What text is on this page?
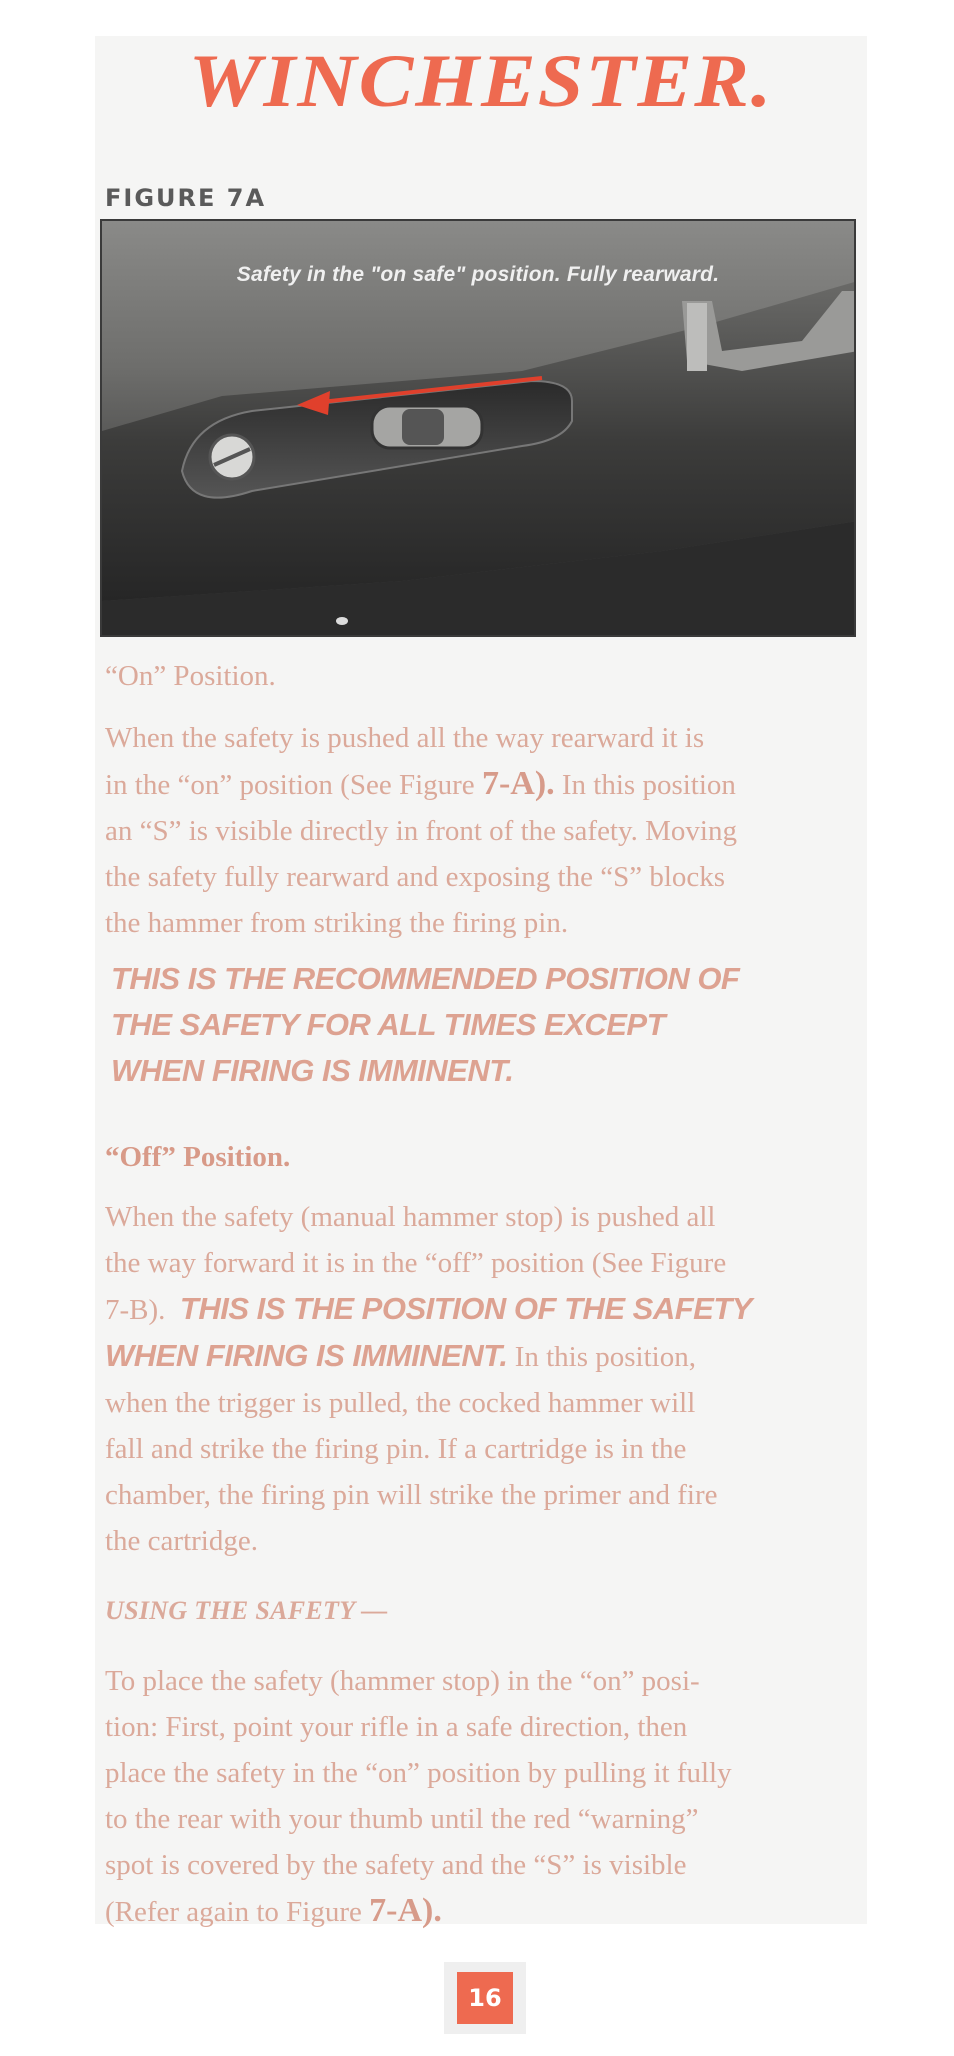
WINCHESTER.
FIGURE 7A
Safety in the "on safe" position. Fully rearward.
“On” Position.
When the safety is pushed all the way rearward it is
in the “on” position (See Figure 7-A). In this position
an “S” is visible directly in front of the safety. Moving
the safety fully rearward and exposing the “S” blocks
the hammer from striking the firing pin.
THIS IS THE RECOMMENDED POSITION OF
THE SAFETY FOR ALL TIMES EXCEPT
WHEN FIRING IS IMMINENT.
“Off” Position.
When the safety (manual hammer stop) is pushed all
the way forward it is in the “off” position (See Figure
7-B).  THIS IS THE POSITION OF THE SAFETY
WHEN FIRING IS IMMINENT. In this position,
when the trigger is pulled, the cocked hammer will
fall and strike the firing pin. If a cartridge is in the
chamber, the firing pin will strike the primer and fire
the cartridge.
USING THE SAFETY —
To place the safety (hammer stop) in the “on” posi-
tion: First, point your rifle in a safe direction, then
place the safety in the “on” position by pulling it fully
to the rear with your thumb until the red “warning”
spot is covered by the safety and the “S” is visible
(Refer again to Figure 7-A).
16
